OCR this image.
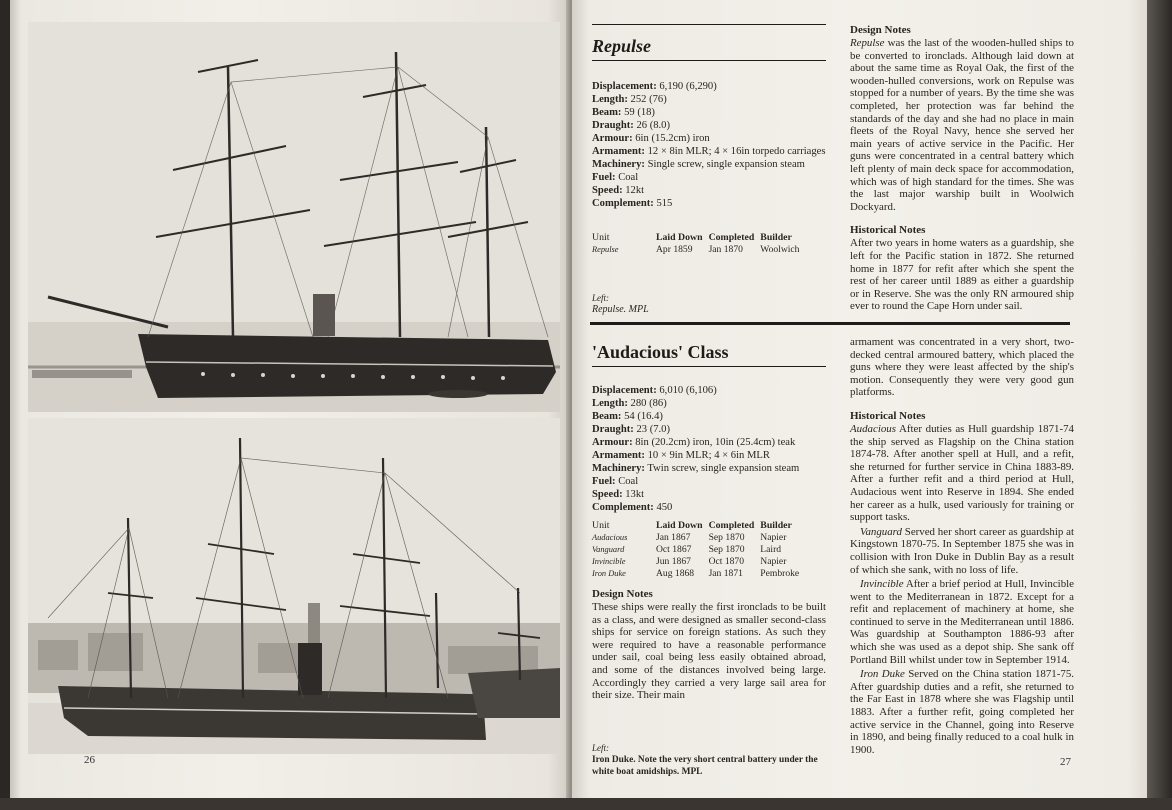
26
Repulse
Displacement: 6,190 (6,290)
Length: 252 (76)
Beam: 59 (18)
Draught: 26 (8.0)
Armour: 6in (15.2cm) iron
Armament: 12 × 8in MLR; 4 × 16in torpedo carriages
Machinery: Single screw, single expansion steam
Fuel: Coal
Speed: 12kt
Complement: 515
Unit	Laid Down	Completed	Builder
Repulse	Apr 1859	Jan 1870	Woolwich
Left:
Repulse. MPL
Design Notes

Repulse was the last of the wooden-hulled ships to be converted to ironclads. Although laid down at about the same time as Royal Oak, the first of the wooden-hulled conversions, work on Repulse was stopped for a number of years. By the time she was completed, her protection was far behind the standards of the day and she had no place in main fleets of the Royal Navy, hence she served her main years of active service in the Pacific. Her guns were concentrated in a central battery which left plenty of main deck space for accommodation, which was of high standard for the times. She was the last major warship built in Woolwich Dockyard.

Historical Notes

After two years in home waters as a guardship, she left for the Pacific station in 1872. She returned home in 1877 for refit after which she spent the rest of her career until 1889 as either a guardship or in Reserve. She was the only RN armoured ship ever to round the Cape Horn under sail.

'Audacious' Class
Displacement: 6,010 (6,106)
Length: 280 (86)
Beam: 54 (16.4)
Draught: 23 (7.0)
Armour: 8in (20.2cm) iron, 10in (25.4cm) teak
Armament: 10 × 9in MLR; 4 × 6in MLR
Machinery: Twin screw, single expansion steam
Fuel: Coal
Speed: 13kt
Complement: 450
Unit	Laid Down	Completed	Builder
Audacious	Jan 1867	Sep 1870	Napier
Vanguard	Oct 1867	Sep 1870	Laird
Invincible	Jun 1867	Oct 1870	Napier
Iron Duke	Aug 1868	Jan 1871	Pembroke
Design Notes

These ships were really the first ironclads to be built as a class, and were designed as smaller second-class ships for service on foreign stations. As such they were required to have a reasonable performance under sail, coal being less easily obtained abroad, and some of the distances involved being large. Accordingly they carried a very large sail area for their size. Their main

Left:
Iron Duke. Note the very short central battery under the white boat amidships. MPL

armament was concentrated in a very short, two-decked central armoured battery, which placed the guns where they were least affected by the ship's motion. Consequently they were very good gun platforms.

Historical Notes

Audacious After duties as Hull guardship 1871-74 the ship served as Flagship on the China station 1874-78. After another spell at Hull, and a refit, she returned for further service in China 1883-89. After a further refit and a third period at Hull, Audacious went into Reserve in 1894. She ended her career as a hulk, used variously for training or support tasks.

Vanguard Served her short career as guardship at Kingstown 1870-75. In September 1875 she was in collision with Iron Duke in Dublin Bay as a result of which she sank, with no loss of life.

Invincible After a brief period at Hull, Invincible went to the Mediterranean in 1872. Except for a refit and replacement of machinery at home, she continued to serve in the Mediterranean until 1886. Was guardship at Southampton 1886-93 after which she was used as a depot ship. She sank off Portland Bill whilst under tow in September 1914.

Iron Duke Served on the China station 1871-75. After guardship duties and a refit, she returned to the Far East in 1878 where she was Flagship until 1883. After a further refit, going completed her active service in the Channel, going into Reserve in 1890, and being finally reduced to a coal hulk in 1900.

27
